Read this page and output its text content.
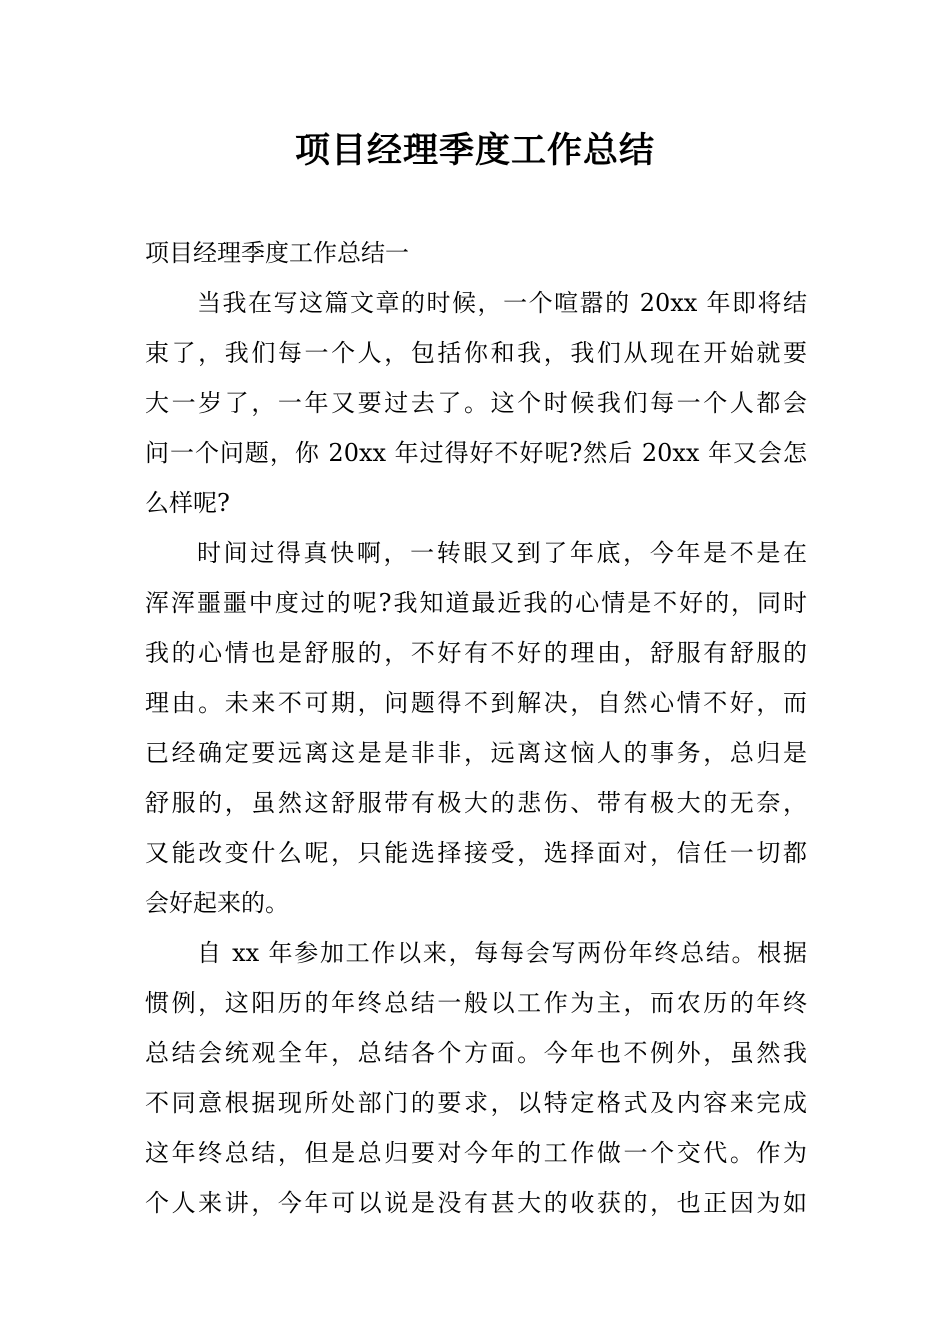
项目经理季度工作总结

项目经理季度工作总结一

当我在写这篇文章的时候，一个喧嚣的 20xx 年即将结
束了，我们每一个人，包括你和我，我们从现在开始就要
大一岁了，一年又要过去了。这个时候我们每一个人都会
问一个问题，你 20xx 年过得好不好呢?然后 20xx 年又会怎
么样呢?

时间过得真快啊，一转眼又到了年底，今年是不是在
浑浑噩噩中度过的呢?我知道最近我的心情是不好的，同时
我的心情也是舒服的，不好有不好的理由，舒服有舒服的
理由。未来不可期，问题得不到解决，自然心情不好，而
已经确定要远离这是是非非，远离这恼人的事务，总归是
舒服的，虽然这舒服带有极大的悲伤、带有极大的无奈，
又能改变什么呢，只能选择接受，选择面对，信任一切都
会好起来的。

自 xx 年参加工作以来，每每会写两份年终总结。根据
惯例，这阳历的年终总结一般以工作为主，而农历的年终
总结会统观全年，总结各个方面。今年也不例外，虽然我
不同意根据现所处部门的要求，以特定格式及内容来完成
这年终总结，但是总归要对今年的工作做一个交代。作为
个人来讲，今年可以说是没有甚大的收获的，也正因为如
